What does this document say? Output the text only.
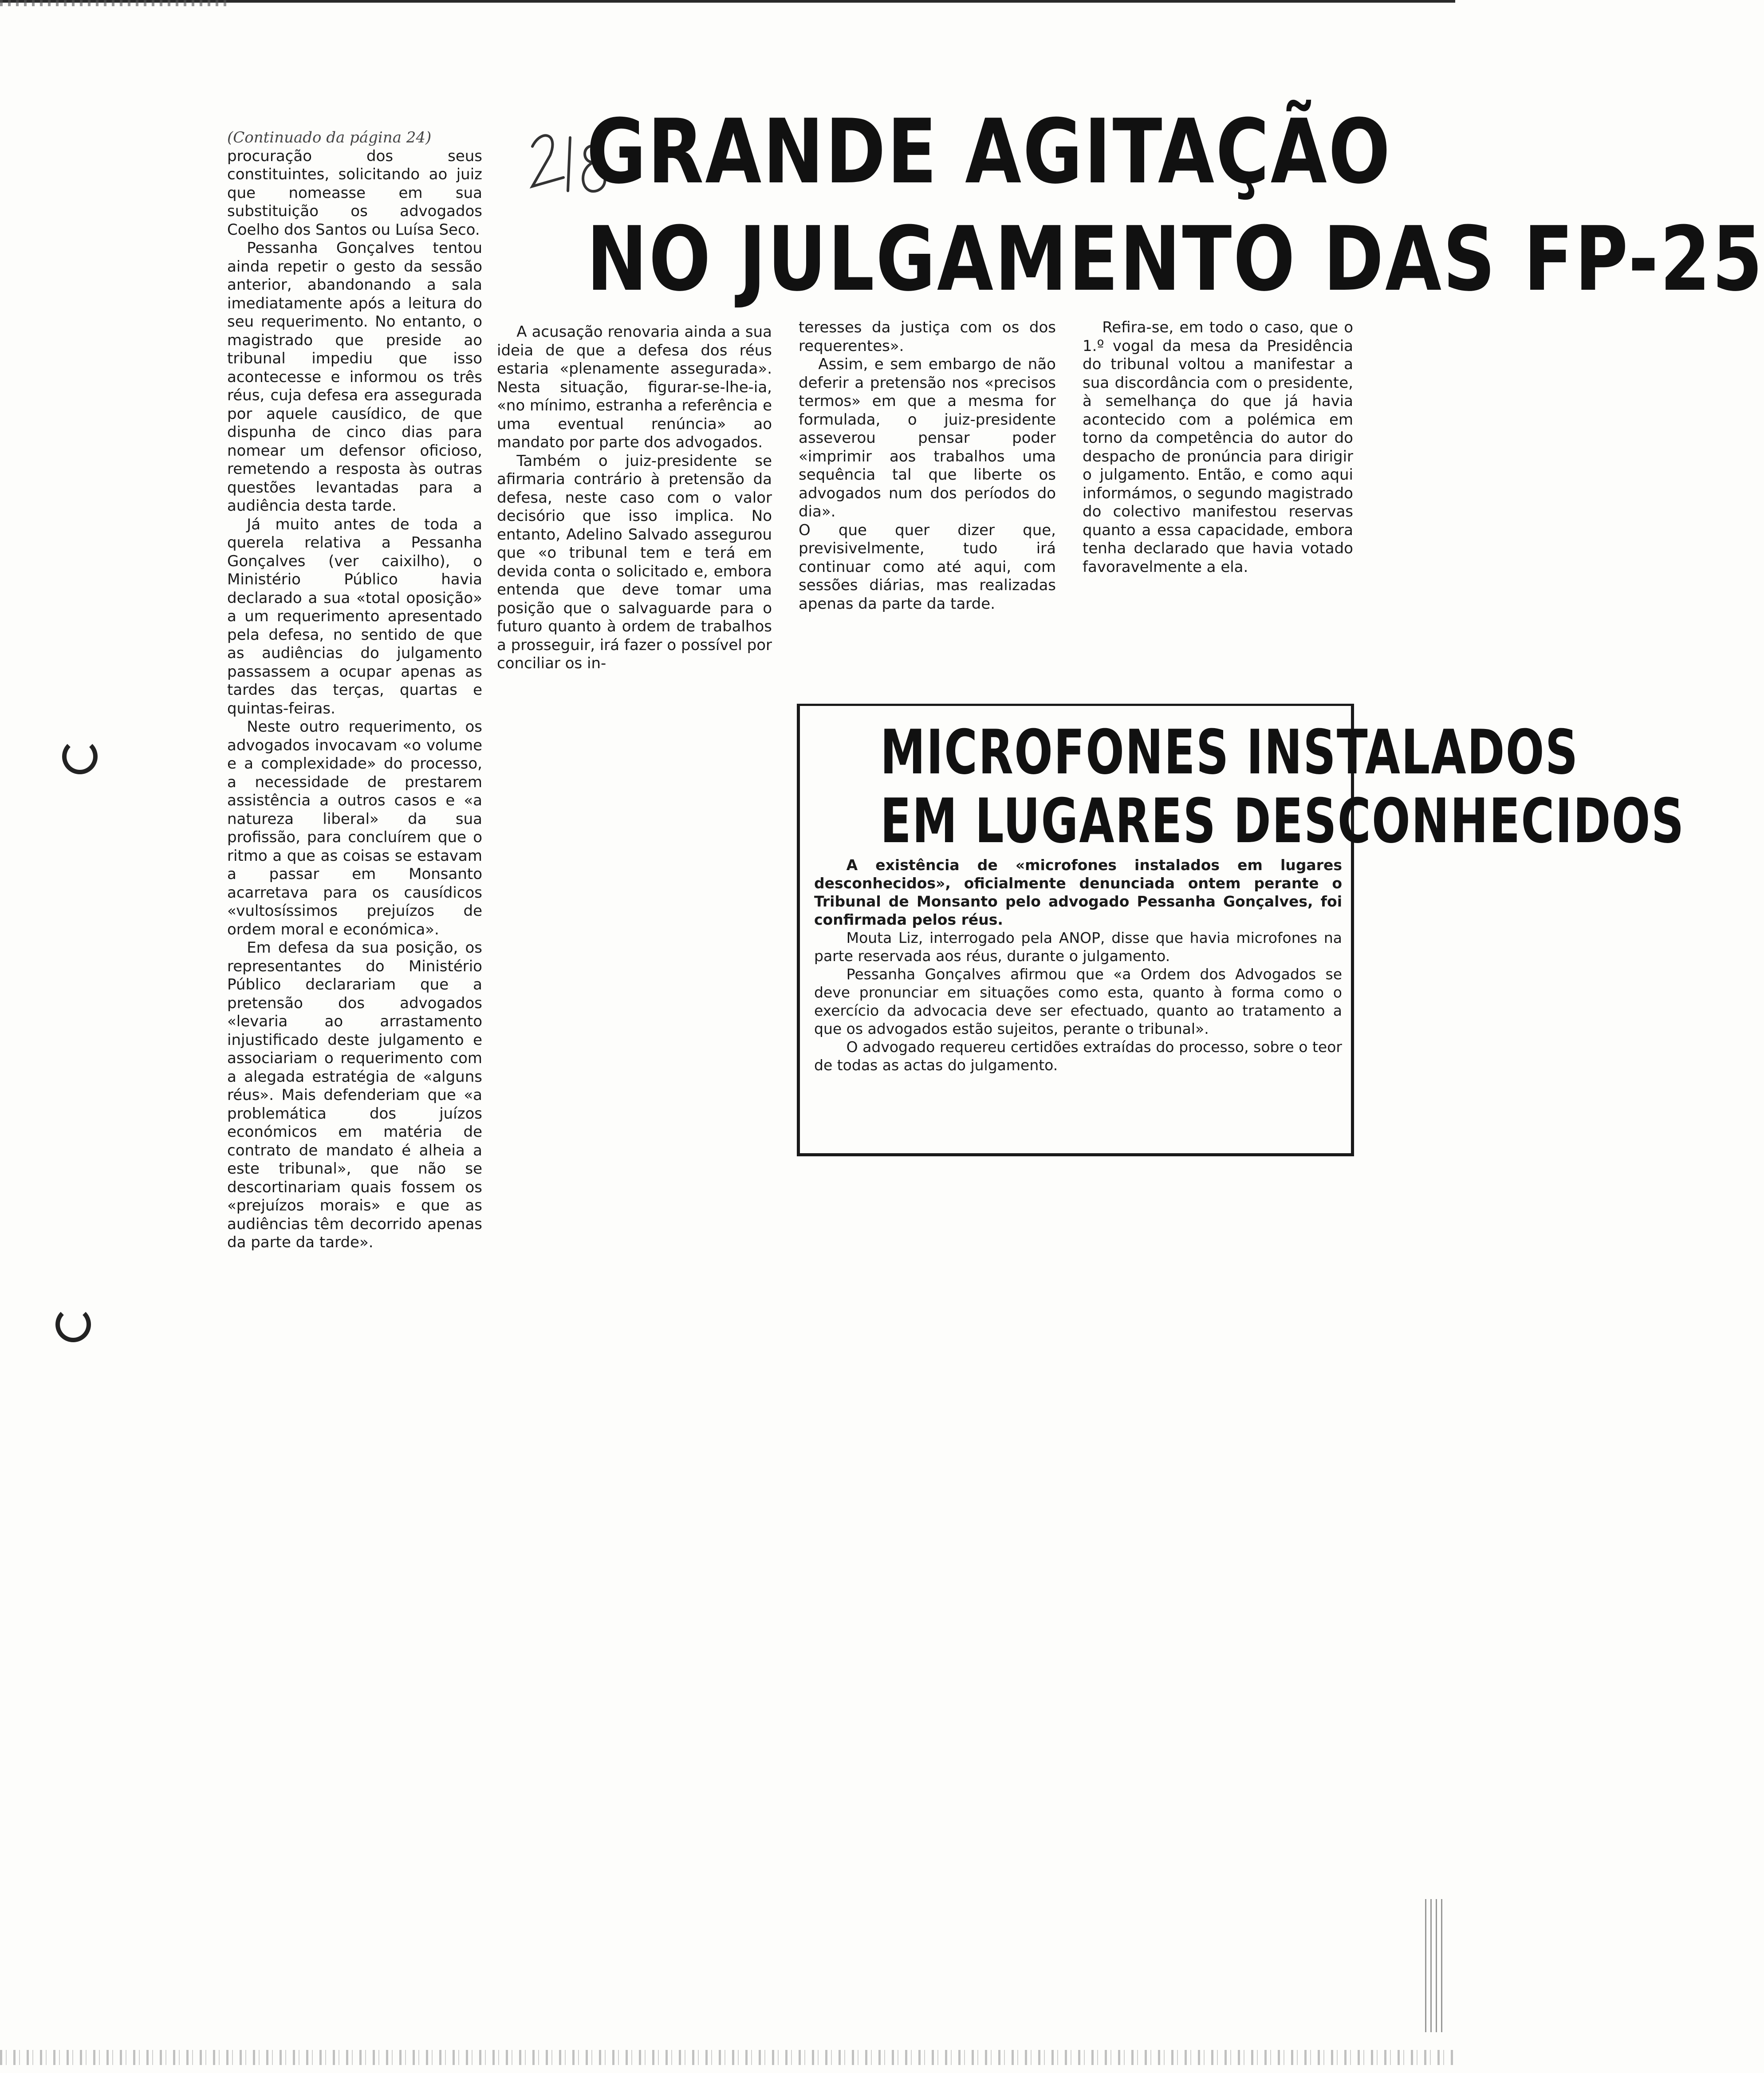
GRANDE AGITAÇÃO
NO JULGAMENTO DAS FP-25

(Continuado da página 24)

procuração dos seus constituintes, solicitando ao juiz que nomeasse em sua substituição os advogados Coelho dos Santos ou Luísa Seco.

Pessanha Gonçalves tentou ainda repetir o gesto da sessão anterior, abandonando a sala imediatamente após a leitura do seu requerimento. No entanto, o magistrado que preside ao tribunal impediu que isso acontecesse e informou os três réus, cuja defesa era assegurada por aquele causídico, de que dispunha de cinco dias para nomear um defensor oficioso, remetendo a resposta às outras questões levantadas para a audiência desta tarde.

Já muito antes de toda a querela relativa a Pessanha Gonçalves (ver caixilho), o Ministério Público havia declarado a sua «total oposição» a um requerimento apresentado pela defesa, no sentido de que as audiências do julgamento passassem a ocupar apenas as tardes das terças, quartas e quintas-feiras.

Neste outro requerimento, os advogados invocavam «o volume e a complexidade» do processo, a necessidade de prestarem assistência a outros casos e «a natureza liberal» da sua profissão, para concluírem que o ritmo a que as coisas se estavam a passar em Monsanto acarretava para os causídicos «vultosíssimos prejuízos de ordem moral e económica».

Em defesa da sua posição, os representantes do Ministério Público declarariam que a pretensão dos advogados «levaria ao arrastamento injustificado deste julgamento e associariam o requerimento com a alegada estratégia de «alguns réus». Mais defenderiam que «a problemática dos juízos económicos em matéria de contrato de mandato é alheia a este tribunal», que não se descortinariam quais fossem os «prejuízos morais» e que as audiências têm decorrido apenas da parte da tarde».

A acusação renovaria ainda a sua ideia de que a defesa dos réus estaria «plenamente assegurada». Nesta situação, figurar-se-lhe-ia, «no mínimo, estranha a referência e uma eventual renúncia» ao mandato por parte dos advogados.

Também o juiz-presidente se afirmaria contrário à pretensão da defesa, neste caso com o valor decisório que isso implica. No entanto, Adelino Salvado assegurou que «o tribunal tem e terá em devida conta o solicitado e, embora entenda que deve tomar uma posição que o salvaguarde para o futuro quanto à ordem de trabalhos a prosseguir, irá fazer o possível por conciliar os in-

teresses da justiça com os dos requerentes».

Assim, e sem embargo de não deferir a pretensão nos «precisos termos» em que a mesma for formulada, o juiz-presidente asseverou pensar poder «imprimir aos trabalhos uma sequência tal que liberte os advogados num dos períodos do dia».

O que quer dizer que, previsivelmente, tudo irá continuar como até aqui, com sessões diárias, mas realizadas apenas da parte da tarde.

Refira-se, em todo o caso, que o 1.º vogal da mesa da Presidência do tribunal voltou a manifestar a sua discordância com o presidente, à semelhança do que já havia acontecido com a polémica em torno da competência do autor do despacho de pronúncia para dirigir o julgamento. Então, e como aqui informámos, o segundo magistrado do colectivo manifestou reservas quanto a essa capacidade, embora tenha declarado que havia votado favoravelmente a ela.

MICROFONES INSTALADOS
EM LUGARES DESCONHECIDOS

A existência de «microfones instalados em lugares desconhecidos», oficialmente denunciada ontem perante o Tribunal de Monsanto pelo advogado Pessanha Gonçalves, foi confirmada pelos réus.

Mouta Liz, interrogado pela ANOP, disse que havia microfones na parte reservada aos réus, durante o julgamento.

Pessanha Gonçalves afirmou que «a Ordem dos Advogados se deve pronunciar em situações como esta, quanto à forma como o exercício da advocacia deve ser efectuado, quanto ao tratamento a que os advogados estão sujeitos, perante o tribunal».

O advogado requereu certidões extraídas do processo, sobre o teor de todas as actas do julgamento.
